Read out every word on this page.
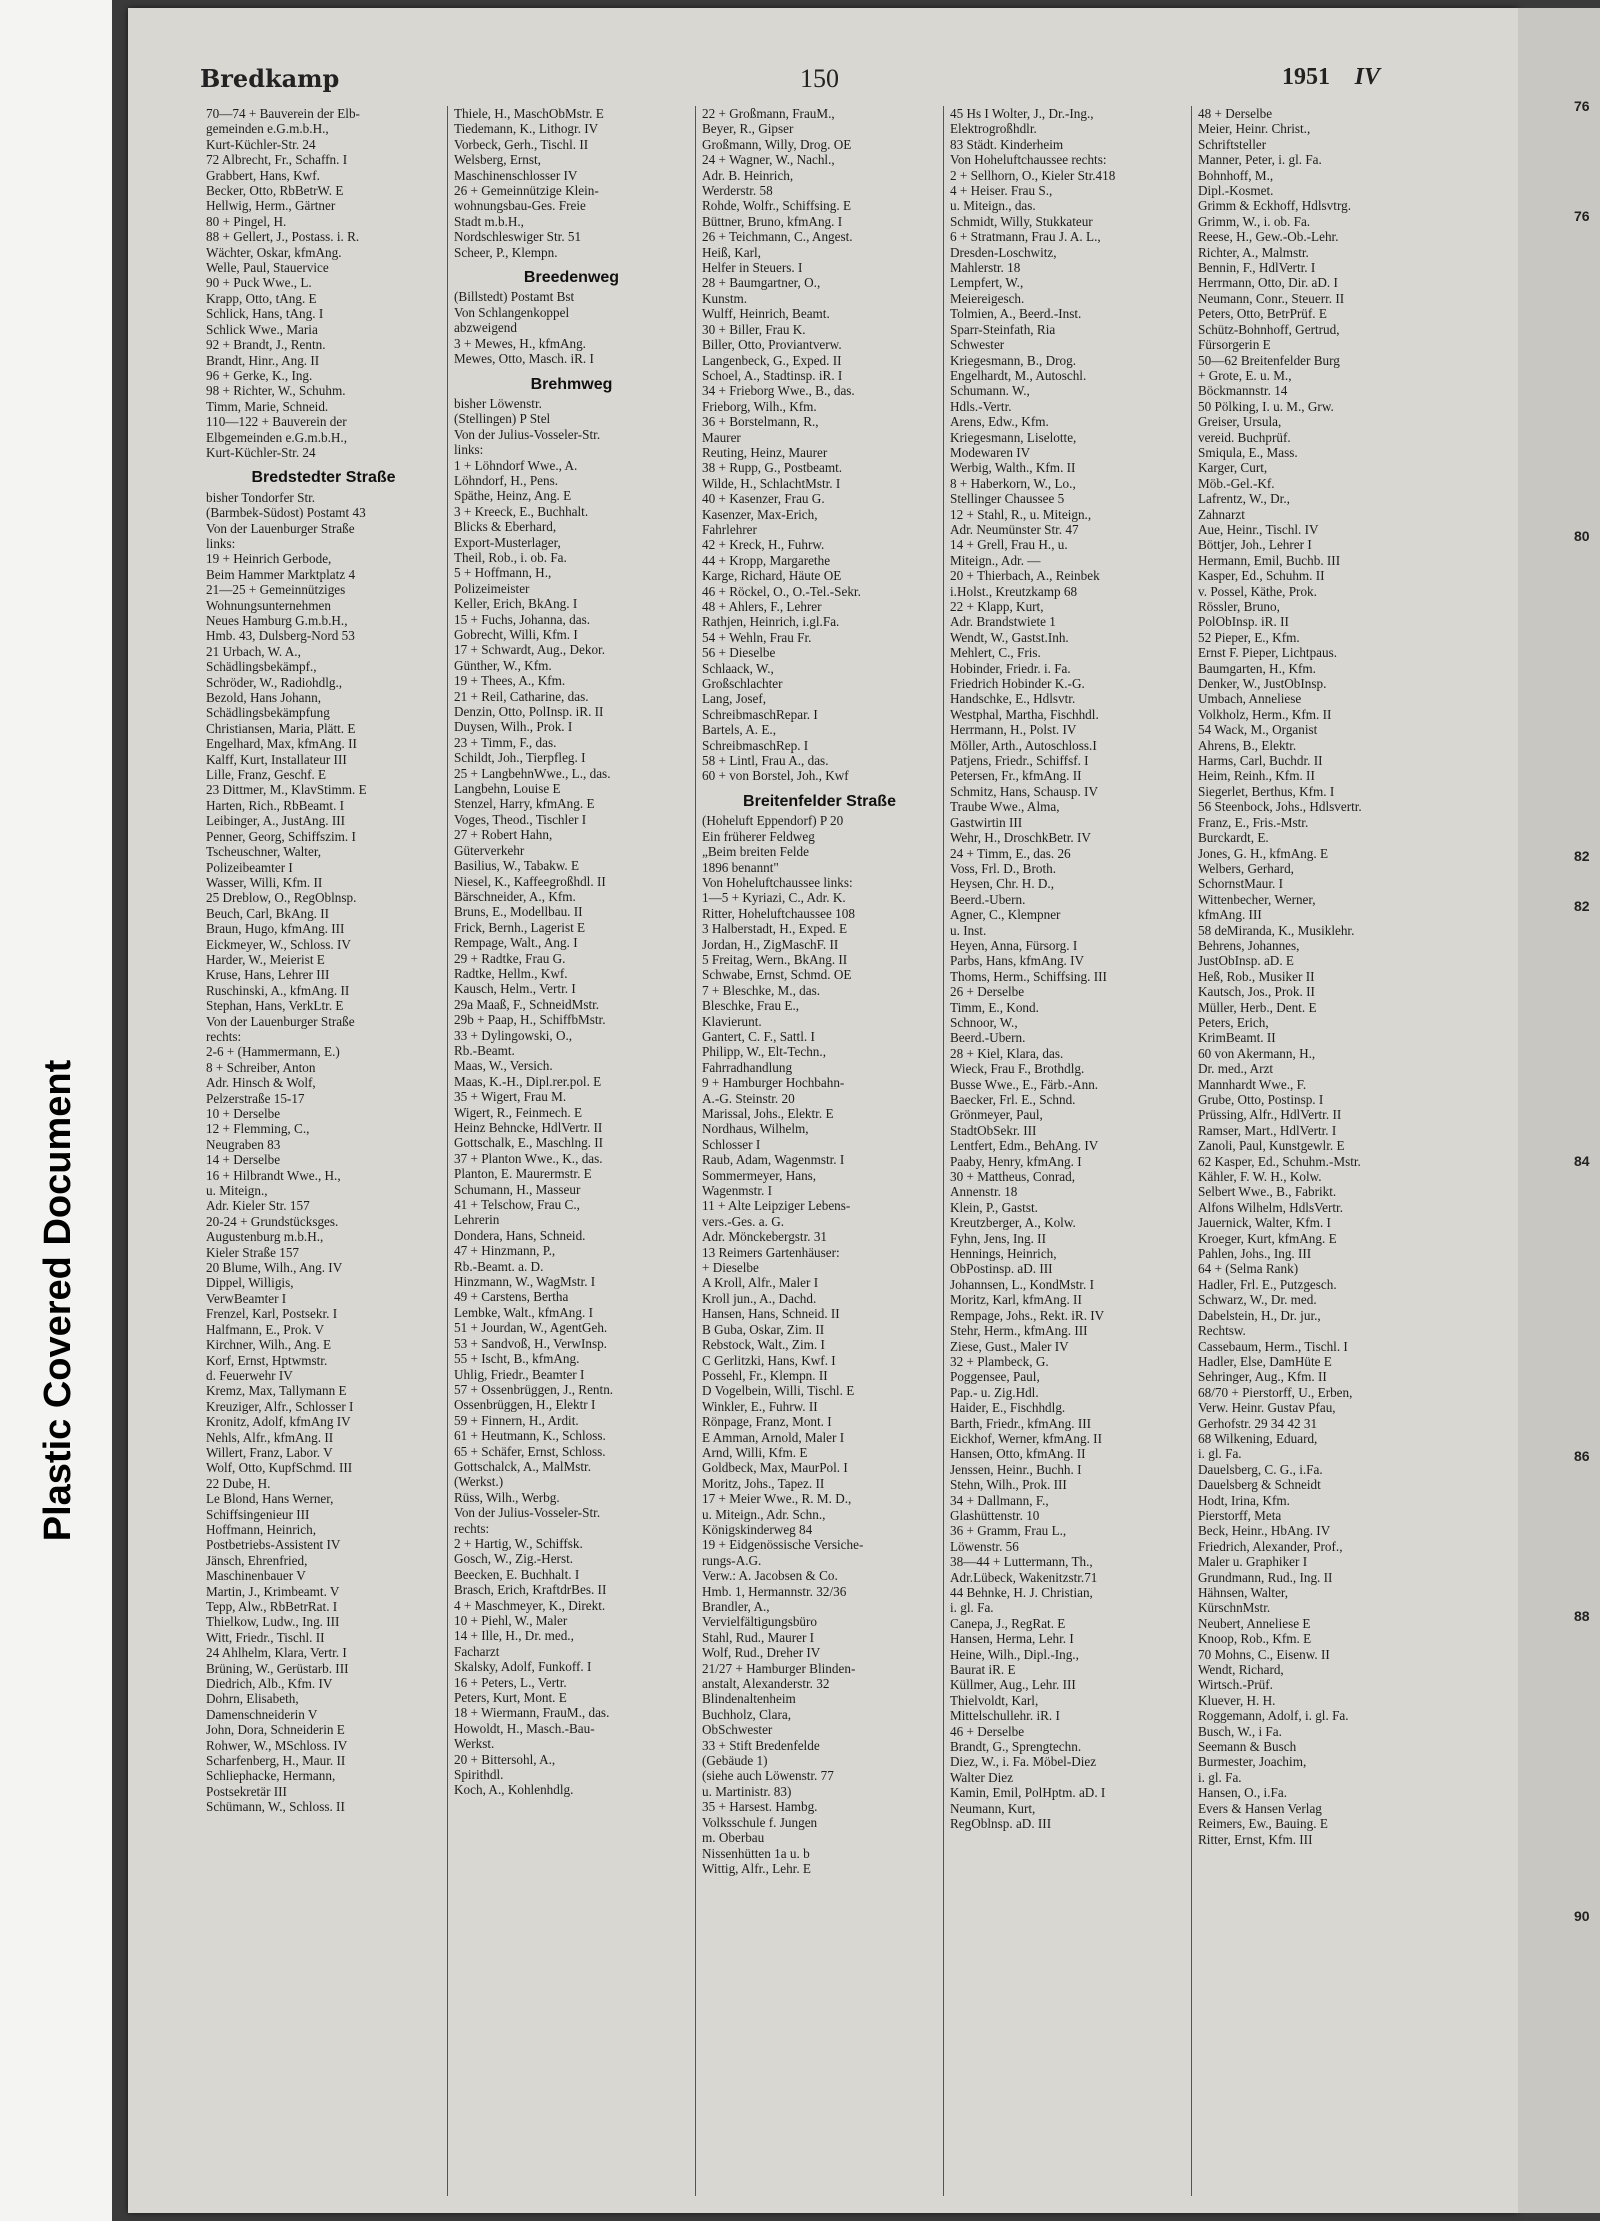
Plastic Covered Document
Bredkamp	150	1951 IV
70—74 + Bauverein der Elb-
gemeinden e.G.m.b.H.,
Kurt-Küchler-Str. 24
72 Albrecht, Fr., Schaffn. I
Grabbert, Hans, Kwf.
Becker, Otto, RbBetrW. E
Hellwig, Herm., Gärtner
80 + Pingel, H.
88 + Gellert, J., Postass. i. R.
Wächter, Oskar, kfmAng.
Welle, Paul, Stauervice
90 + Puck Wwe., L.
Krapp, Otto, tAng. E
Schlick, Hans, tAng. I
Schlick Wwe., Maria
92 + Brandt, J., Rentn.
Brandt, Hinr., Ang. II
96 + Gerke, K., Ing.
98 + Richter, W., Schuhm.
Timm, Marie, Schneid.
110—122 + Bauverein der
Elbgemeinden e.G.m.b.H.,
Kurt-Küchler-Str. 24
Bredstedter Straße
bisher Tondorfer Str.
(Barmbek-Südost) Postamt 43
Von der Lauenburger Straße
links:
19 + Heinrich Gerbode,
Beim Hammer Marktplatz 4
21—25 + Gemeinnütziges
Wohnungsunternehmen
Neues Hamburg G.m.b.H.,
Hmb. 43, Dulsberg-Nord 53
21 Urbach, W. A.,
Schädlingsbekämpf.,
Schröder, W., Radiohdlg.,
Bezold, Hans Johann,
Schädlingsbekämpfung
Christiansen, Maria, Plätt. E
Engelhard, Max, kfmAng. II
Kalff, Kurt, Installateur III
Lille, Franz, Geschf. E
23 Dittmer, M., KlavStimm. E
Harten, Rich., RbBeamt. I
Leibinger, A., JustAng. III
Penner, Georg, Schiffszim. I
Tscheuschner, Walter,
Polizeibeamter I
Wasser, Willi, Kfm. II
25 Dreblow, O., RegOblnsp.
Beuch, Carl, BkAng. II
Braun, Hugo, kfmAng. III
Eickmeyer, W., Schloss. IV
Harder, W., Meierist E
Kruse, Hans, Lehrer III
Ruschinski, A., kfmAng. II
Stephan, Hans, VerkLtr. E
Von der Lauenburger Straße
rechts:
2-6 + (Hammermann, E.)
8 + Schreiber, Anton
Adr. Hinsch & Wolf,
Pelzerstraße 15-17
10 + Derselbe
12 + Flemming, C.,
Neugraben 83
14 + Derselbe
16 + Hilbrandt Wwe., H.,
u. Miteign.,
Adr. Kieler Str. 157
20-24 + Grundstücksges.
Augustenburg m.b.H.,
Kieler Straße 157
20 Blume, Wilh., Ang. IV
Dippel, Willigis,
VerwBeamter I
Frenzel, Karl, Postsekr. I
Halfmann, E., Prok. V
Kirchner, Wilh., Ang. E
Korf, Ernst, Hptwmstr.
d. Feuerwehr IV
Kremz, Max, Tallymann E
Kreuziger, Alfr., Schlosser I
Kronitz, Adolf, kfmAng IV
Nehls, Alfr., kfmAng. II
Willert, Franz, Labor. V
Wolf, Otto, KupfSchmd. III
22 Dube, H.
Le Blond, Hans Werner,
Schiffsingenieur III
Hoffmann, Heinrich,
Postbetriebs-Assistent IV
Jänsch, Ehrenfried,
Maschinenbauer V
Martin, J., Krimbeamt. V
Tepp, Alw., RbBetrRat. I
Thielkow, Ludw., Ing. III
Witt, Friedr., Tischl. II
24 Ahlhelm, Klara, Vertr. I
Brüning, W., Gerüstarb. III
Diedrich, Alb., Kfm. IV
Dohrn, Elisabeth,
Damenschneiderin V
John, Dora, Schneiderin E
Rohwer, W., MSchloss. IV
Scharfenberg, H., Maur. II
Schliephacke, Hermann,
Postsekretär III
Schümann, W., Schloss. II
Thiele, H., MaschObMstr. E
Tiedemann, K., Lithogr. IV
Vorbeck, Gerh., Tischl. II
Welsberg, Ernst,
Maschinenschlosser IV
26 + Gemeinnützige Klein-
wohnungsbau-Ges. Freie
Stadt m.b.H.,
Nordschleswiger Str. 51
Scheer, P., Klempn.
Breedenweg
(Billstedt) Postamt Bst
Von Schlangenkoppel
abzweigend
3 + Mewes, H., kfmAng.
Mewes, Otto, Masch. iR. I
Brehmweg
bisher Löwenstr.
(Stellingen) P Stel
Von der Julius-Vosseler-Str.
links:
1 + Löhndorf Wwe., A.
Löhndorf, H., Pens.
Späthe, Heinz, Ang. E
3 + Kreeck, E., Buchhalt.
Blicks & Eberhard,
Export-Musterlager,
Theil, Rob., i. ob. Fa.
5 + Hoffmann, H.,
Polizeimeister
Keller, Erich, BkAng. I
15 + Fuchs, Johanna, das.
Gobrecht, Willi, Kfm. I
17 + Schwardt, Aug., Dekor.
Günther, W., Kfm.
19 + Thees, A., Kfm.
21 + Reil, Catharine, das.
Denzin, Otto, PolInsp. iR. II
Duysen, Wilh., Prok. I
23 + Timm, F., das.
Schildt, Joh., Tierpfleg. I
25 + LangbehnWwe., L., das.
Langbehn, Louise E
Stenzel, Harry, kfmAng. E
Voges, Theod., Tischler I
27 + Robert Hahn,
Güterverkehr
Basilius, W., Tabakw. E
Niesel, K., Kaffeegroßhdl. II
Bärschneider, A., Kfm.
Bruns, E., Modellbau. II
Frick, Bernh., Lagerist E
Rempage, Walt., Ang. I
29 + Radtke, Frau G.
Radtke, Hellm., Kwf.
Kausch, Helm., Vertr. I
29a Maaß, F., SchneidMstr.
29b + Paap, H., SchiffbMstr.
33 + Dylingowski, O.,
Rb.-Beamt.
Maas, W., Versich.
Maas, K.-H., Dipl.rer.pol. E
35 + Wigert, Frau M.
Wigert, R., Feinmech. E
Heinz Behncke, HdlVertr. II
Gottschalk, E., Maschlng. II
37 + Planton Wwe., K., das.
Planton, E. Maurermstr. E
Schumann, H., Masseur
41 + Telschow, Frau C.,
Lehrerin
Dondera, Hans, Schneid.
47 + Hinzmann, P.,
Rb.-Beamt. a. D.
Hinzmann, W., WagMstr. I
49 + Carstens, Bertha
Lembke, Walt., kfmAng. I
51 + Jourdan, W., AgentGeh.
53 + Sandvoß, H., VerwInsp.
55 + Ischt, B., kfmAng.
Uhlig, Friedr., Beamter I
57 + Ossenbrüggen, J., Rentn.
Ossenbrüggen, H., Elektr I
59 + Finnern, H., Ardit.
61 + Heutmann, K., Schloss.
65 + Schäfer, Ernst, Schloss.
Gottschalck, A., MalMstr.
(Werkst.)
Rüss, Wilh., Werbg.
Von der Julius-Vosseler-Str.
rechts:
2 + Hartig, W., Schiffsk.
Gosch, W., Zig.-Herst.
Beecken, E. Buchhalt. I
Brasch, Erich, KraftdrBes. II
4 + Maschmeyer, K., Direkt.
10 + Piehl, W., Maler
14 + Ille, H., Dr. med.,
Facharzt
Skalsky, Adolf, Funkoff. I
16 + Peters, L., Vertr.
Peters, Kurt, Mont. E
18 + Wiermann, FrauM., das.
Howoldt, H., Masch.-Bau-
Werkst.
20 + Bittersohl, A.,
Spirithdl.
Koch, A., Kohlenhdlg.
22 + Großmann, FrauM.,
Beyer, R., Gipser
Großmann, Willy, Drog. OE
24 + Wagner, W., Nachl.,
Adr. B. Heinrich,
Werderstr. 58
Rohde, Wolfr., Schiffsing. E
Büttner, Bruno, kfmAng. I
26 + Teichmann, C., Angest.
Heiß, Karl,
Helfer in Steuers. I
28 + Baumgartner, O.,
Kunstm.
Wulff, Heinrich, Beamt.
30 + Biller, Frau K.
Biller, Otto, Proviantverw.
Langenbeck, G., Exped. II
Schoel, A., Stadtinsp. iR. I
34 + Frieborg Wwe., B., das.
Frieborg, Wilh., Kfm.
36 + Borstelmann, R.,
Maurer
Reuting, Heinz, Maurer
38 + Rupp, G., Postbeamt.
Wilde, H., SchlachtMstr. I
40 + Kasenzer, Frau G.
Kasenzer, Max-Erich,
Fahrlehrer
42 + Kreck, H., Fuhrw.
44 + Kropp, Margarethe
Karge, Richard, Häute OE
46 + Röckel, O., O.-Tel.-Sekr.
48 + Ahlers, F., Lehrer
Rathjen, Heinrich, i.gl.Fa.
54 + Wehln, Frau Fr.
56 + Dieselbe
Schlaack, W.,
Großschlachter
Lang, Josef,
SchreibmaschRepar. I
Bartels, A. E.,
SchreibmaschRep. I
58 + Lintl, Frau A., das.
60 + von Borstel, Joh., Kwf
Breitenfelder Straße
(Hoheluft Eppendorf) P 20
Ein früherer Feldweg
„Beim breiten Felde
1896 benannt"
Von Hoheluftchaussee links:
1—5 + Kyriazi, C., Adr. K.
Ritter, Hoheluftchaussee 108
3 Halberstadt, H., Exped. E
Jordan, H., ZigMaschF. II
5 Freitag, Wern., BkAng. II
Schwabe, Ernst, Schmd. OE
7 + Bleschke, M., das.
Bleschke, Frau E.,
Klavierunt.
Gantert, C. F., Sattl. I
Philipp, W., Elt-Techn.,
Fahrradhandlung
9 + Hamburger Hochbahn-
A.-G. Steinstr. 20
Marissal, Johs., Elektr. E
Nordhaus, Wilhelm,
Schlosser I
Raub, Adam, Wagenmstr. I
Sommermeyer, Hans,
Wagenmstr. I
11 + Alte Leipziger Lebens-
vers.-Ges. a. G.
Adr. Mönckebergstr. 31
13 Reimers Gartenhäuser:
+ Dieselbe
A Kroll, Alfr., Maler I
Kroll jun., A., Dachd.
Hansen, Hans, Schneid. II
B Guba, Oskar, Zim. II
Rebstock, Walt., Zim. I
C Gerlitzki, Hans, Kwf. I
Possehl, Fr., Klempn. II
D Vogelbein, Willi, Tischl. E
Winkler, E., Fuhrw. II
Rönpage, Franz, Mont. I
E Amman, Arnold, Maler I
Arnd, Willi, Kfm. E
Goldbeck, Max, MaurPol. I
Moritz, Johs., Tapez. II
17 + Meier Wwe., R. M. D.,
u. Miteign., Adr. Schn.,
Königskinderweg 84
19 + Eidgenössische Versiche-
rungs-A.G.
Verw.: A. Jacobsen & Co.
Hmb. 1, Hermannstr. 32/36
Brandler, A.,
Vervielfältigungsbüro
Stahl, Rud., Maurer I
Wolf, Rud., Dreher IV
21/27 + Hamburger Blinden-
anstalt, Alexanderstr. 32
Blindenaltenheim
Buchholz, Clara,
ObSchwester
33 + Stift Bredenfelde
(Gebäude 1)
(siehe auch Löwenstr. 77
u. Martinistr. 83)
35 + Harsest. Hambg.
Volksschule f. Jungen
m. Oberbau
Nissenhütten 1a u. b
Wittig, Alfr., Lehr. E
45 Hs I Wolter, J., Dr.-Ing.,
Elektrogroßhdlr.
83 Städt. Kinderheim
Von Hoheluftchaussee rechts:
2 + Sellhorn, O., Kieler Str.418
4 + Heiser. Frau S.,
u. Miteign., das.
Schmidt, Willy, Stukkateur
6 + Stratmann, Frau J. A. L.,
Dresden-Loschwitz,
Mahlerstr. 18
Lempfert, W.,
Meiereigesch.
Tolmien, A., Beerd.-Inst.
Sparr-Steinfath, Ria
Schwester
Kriegesmann, B., Drog.
Engelhardt, M., Autoschl.
Schumann. W.,
Hdls.-Vertr.
Arens, Edw., Kfm.
Kriegesmann, Liselotte,
Modewaren IV
Werbig, Walth., Kfm. II
8 + Haberkorn, W., Lo.,
Stellinger Chaussee 5
12 + Stahl, R., u. Miteign.,
Adr. Neumünster Str. 47
14 + Grell, Frau H., u.
Miteign., Adr. —
20 + Thierbach, A., Reinbek
i.Holst., Kreutzkamp 68
22 + Klapp, Kurt,
Adr. Brandstwiete 1
Wendt, W., Gastst.Inh.
Mehlert, C., Fris.
Hobinder, Friedr. i. Fa.
Friedrich Hobinder K.-G.
Handschke, E., Hdlsvtr.
Westphal, Martha, Fischhdl.
Herrmann, H., Polst. IV
Möller, Arth., Autoschloss.I
Patjens, Friedr., Schiffsf. I
Petersen, Fr., kfmAng. II
Schmitz, Hans, Schausp. IV
Traube Wwe., Alma,
Gastwirtin III
Wehr, H., DroschkBetr. IV
24 + Timm, E., das. 26
Voss, Frl. D., Broth.
Heysen, Chr. H. D.,
Beerd.-Ubern.
Agner, C., Klempner
u. Inst.
Heyen, Anna, Fürsorg. I
Parbs, Hans, kfmAng. IV
Thoms, Herm., Schiffsing. III
26 + Derselbe
Timm, E., Kond.
Schnoor, W.,
Beerd.-Ubern.
28 + Kiel, Klara, das.
Wieck, Frau F., Brothdlg.
Busse Wwe., E., Färb.-Ann.
Baecker, Frl. E., Schnd.
Grönmeyer, Paul,
StadtObSekr. III
Lentfert, Edm., BehAng. IV
Paaby, Henry, kfmAng. I
30 + Mattheus, Conrad,
Annenstr. 18
Klein, P., Gastst.
Kreutzberger, A., Kolw.
Fyhn, Jens, Ing. II
Hennings, Heinrich,
ObPostinsp. aD. III
Johannsen, L., KondMstr. I
Moritz, Karl, kfmAng. II
Rempage, Johs., Rekt. iR. IV
Stehr, Herm., kfmAng. III
Ziese, Gust., Maler IV
32 + Plambeck, G.
Poggensee, Paul,
Pap.- u. Zig.Hdl.
Haider, E., Fischhdlg.
Barth, Friedr., kfmAng. III
Eickhof, Werner, kfmAng. II
Hansen, Otto, kfmAng. II
Jenssen, Heinr., Buchh. I
Stehn, Wilh., Prok. III
34 + Dallmann, F.,
Glashüttenstr. 10
36 + Gramm, Frau L.,
Löwenstr. 56
38—44 + Luttermann, Th.,
Adr.Lübeck, Wakenitzstr.71
44 Behnke, H. J. Christian,
i. gl. Fa.
Canepa, J., RegRat. E
Hansen, Herma, Lehr. I
Heine, Wilh., Dipl.-Ing.,
Baurat iR. E
Küllmer, Aug., Lehr. III
Thielvoldt, Karl,
Mittelschullehr. iR. I
46 + Derselbe
Brandt, G., Sprengtechn.
Diez, W., i. Fa. Möbel-Diez
Walter Diez
Kamin, Emil, PolHptm. aD. I
Neumann, Kurt,
RegOblnsp. aD. III
48 + Derselbe
Meier, Heinr. Christ.,
Schriftsteller
Manner, Peter, i. gl. Fa.
Bohnhoff, M.,
Dipl.-Kosmet.
Grimm & Eckhoff, Hdlsvtrg.
Grimm, W., i. ob. Fa.
Reese, H., Gew.-Ob.-Lehr.
Richter, A., Malmstr.
Bennin, F., HdlVertr. I
Herrmann, Otto, Dir. aD. I
Neumann, Conr., Steuerr. II
Peters, Otto, BetrPrüf. E
Schütz-Bohnhoff, Gertrud,
Fürsorgerin E
50—62 Breitenfelder Burg
+ Grote, E. u. M.,
Böckmannstr. 14
50 Pölking, I. u. M., Grw.
Greiser, Ursula,
vereid. Buchprüf.
Smiqula, E., Mass.
Karger, Curt,
Möb.-Gel.-Kf.
Lafrentz, W., Dr.,
Zahnarzt
Aue, Heinr., Tischl. IV
Böttjer, Joh., Lehrer I
Hermann, Emil, Buchb. III
Kasper, Ed., Schuhm. II
v. Possel, Käthe, Prok.
Rössler, Bruno,
PolObInsp. iR. II
52 Pieper, E., Kfm.
Ernst F. Pieper, Lichtpaus.
Baumgarten, H., Kfm.
Denker, W., JustObInsp.
Umbach, Anneliese
Volkholz, Herm., Kfm. II
54 Wack, M., Organist
Ahrens, B., Elektr.
Harms, Carl, Buchdr. II
Heim, Reinh., Kfm. II
Siegerlet, Berthus, Kfm. I
56 Steenbock, Johs., Hdlsvertr.
Franz, E., Fris.-Mstr.
Burckardt, E.
Jones, G. H., kfmAng. E
Welbers, Gerhard,
SchornstMaur. I
Wittenbecher, Werner,
kfmAng. III
58 deMiranda, K., Musiklehr.
Behrens, Johannes,
JustObInsp. aD. E
Heß, Rob., Musiker II
Kautsch, Jos., Prok. II
Müller, Herb., Dent. E
Peters, Erich,
KrimBeamt. II
60 von Akermann, H.,
Dr. med., Arzt
Mannhardt Wwe., F.
Grube, Otto, Postinsp. I
Prüssing, Alfr., HdlVertr. II
Ramser, Mart., HdlVertr. I
Zanoli, Paul, Kunstgewlr. E
62 Kasper, Ed., Schuhm.-Mstr.
Kähler, F. W. H., Kolw.
Selbert Wwe., B., Fabrikt.
Alfons Wilhelm, HdlsVertr.
Jauernick, Walter, Kfm. I
Kroeger, Kurt, kfmAng. E
Pahlen, Johs., Ing. III
64 + (Selma Rank)
Hadler, Frl. E., Putzgesch.
Schwarz, W., Dr. med.
Dabelstein, H., Dr. jur.,
Rechtsw.
Cassebaum, Herm., Tischl. I
Hadler, Else, DamHüte E
Sehringer, Aug., Kfm. II
68/70 + Pierstorff, U., Erben,
Verw. Heinr. Gustav Pfau,
Gerhofstr. 29 34 42 31
68 Wilkening, Eduard,
i. gl. Fa.
Dauelsberg, C. G., i.Fa.
Dauelsberg & Schneidt
Hodt, Irina, Kfm.
Pierstorff, Meta
Beck, Heinr., HbAng. IV
Friedrich, Alexander, Prof.,
Maler u. Graphiker I
Grundmann, Rud., Ing. II
Hähnsen, Walter,
KürschnMstr.
Neubert, Anneliese E
Knoop, Rob., Kfm. E
70 Mohns, C., Eisenw. II
Wendt, Richard,
Wirtsch.-Prüf.
Kluever, H. H.
Roggemann, Adolf, i. gl. Fa.
Busch, W., i Fa.
Seemann & Busch
Burmester, Joachim,
i. gl. Fa.
Hansen, O., i.Fa.
Evers & Hansen Verlag
Reimers, Ew., Bauing. E
Ritter, Ernst, Kfm. III
76
76
80
82
82
84
86
88
90
